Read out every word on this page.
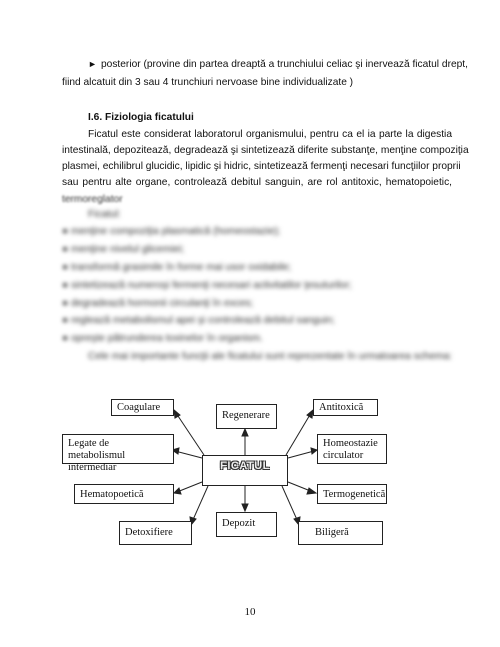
► posterior (provine din partea dreaptă a trunchiului celiac şi inervează ficatul drept,
fiind alcatuit din 3 sau 4 trunchiuri nervoase bine individualizate )
I.6. Fiziologia ficatului
Ficatul este considerat laboratorul organismului, pentru ca el ia parte la digestia
intestinală, depozitează, degradează şi sintetizează diferite substanţe, menţine compoziţia
plasmei, echilibrul glucidic, lipidic şi hidric, sintetizează fermenţi necesari funcţiilor proprii
sau pentru alte organe, controlează debitul sanguin, are rol antitoxic, hematopoietic,
termoreglator
Ficatul:
● menţine compoziţia plasmatică (homeostazie);
● menţine nivelul glicemiei;
● transformă grasimile în forme mai usor oxidabile;
● sintetizează numeroşi fermenţi necesari activitatilor ţesuturilor;
● degradează hormonii circulanţi în exces;
● reglează metabolismul apei şi controlează debitul sanguin;
● opreşte pătrunderea toxinelor în organism.
Cele mai importante funcţii ale ficatului sunt reprezentate în urmatoarea schema:
Coagulare
Regenerare
Antitoxică
Legate de metabolismul intermediar
Homeostazie circulator
FICATUL
Hematopoetică	Termogenetică
Detoxifiere
Depozit
Biligeră
10
